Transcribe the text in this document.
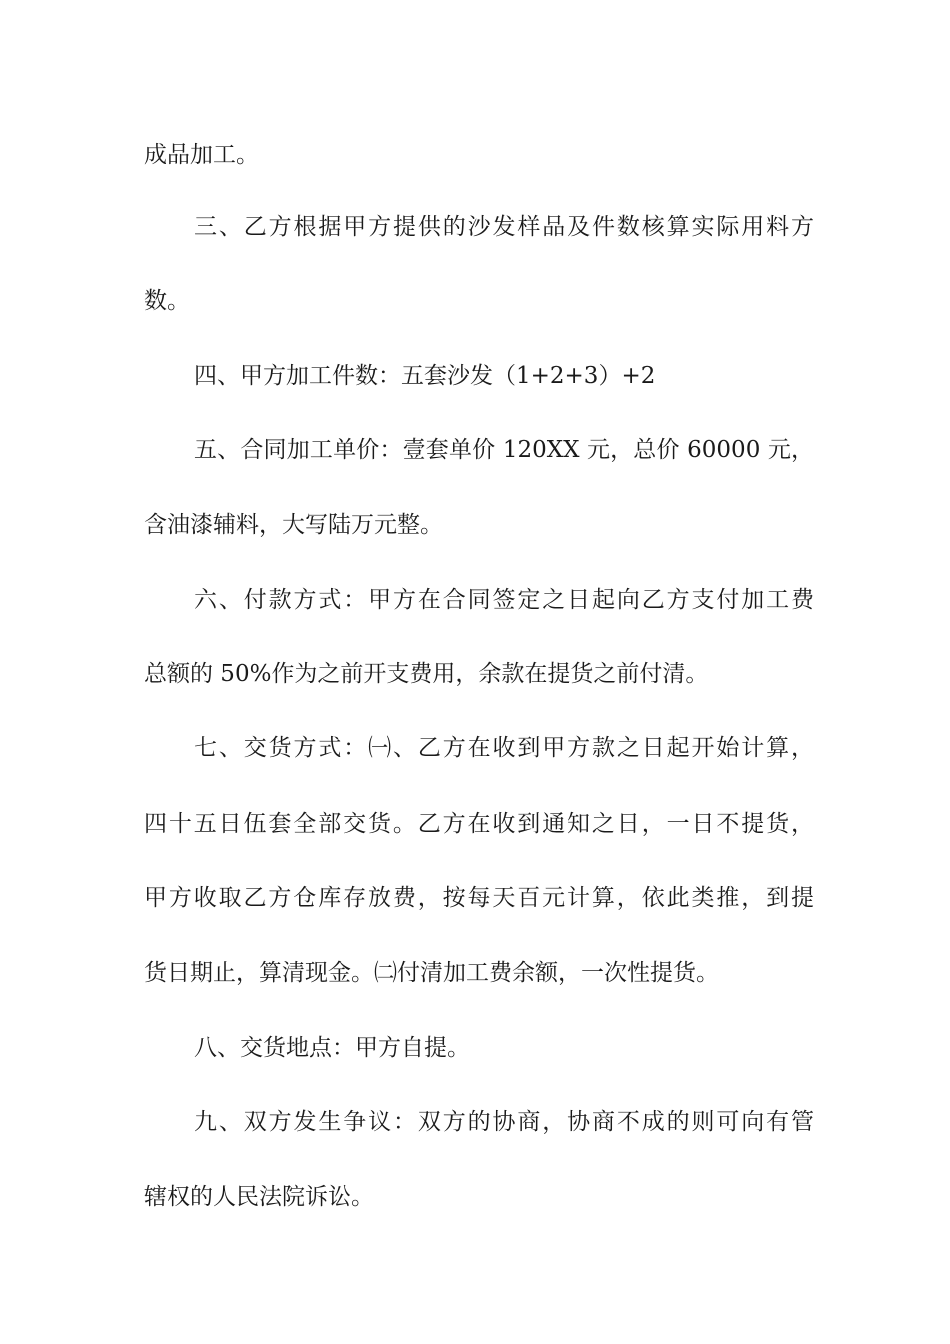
成品加工。
三、乙方根据甲方提供的沙发样品及件数核算实际用料方
数。
四、甲方加工件数：五套沙发（1+2+3）+2
五、合同加工单价：壹套单价 120XX 元，总价 60000 元，
含油漆辅料，大写陆万元整。
六、付款方式：甲方在合同签定之日起向乙方支付加工费
总额的 50%作为之前开支费用，余款在提货之前付清。
七、交货方式：㈠、乙方在收到甲方款之日起开始计算，
四十五日伍套全部交货。乙方在收到通知之日，一日不提货，
甲方收取乙方仓库存放费，按每天百元计算，依此类推，到提
货日期止，算清现金。㈡付清加工费余额，一次性提货。
八、交货地点：甲方自提。
九、双方发生争议：双方的协商，协商不成的则可向有管
辖权的人民法院诉讼。
